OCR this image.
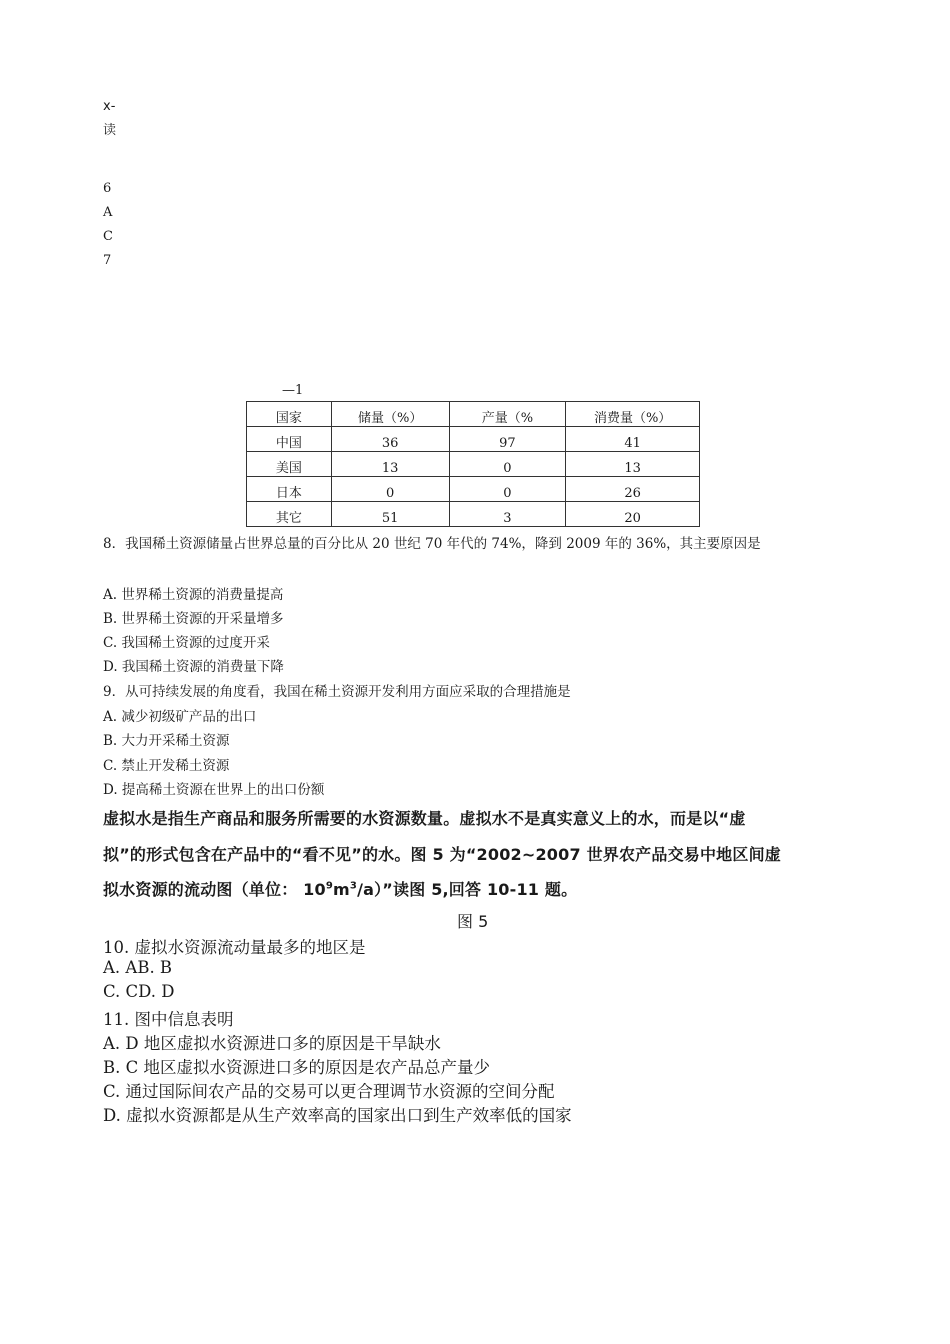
x-
读
6
A
C
7
—1
国家	储量（%）	产量（%	消费量（%）
中国	36	97	41
美国	13	0	13
日本	0	0	26
其它	51	3	20
8．我国稀土资源储量占世界总量的百分比从 20 世纪 70 年代的 74%，降到 2009 年的 36%，其主要原因是
A. 世界稀土资源的消费量提高
B. 世界稀土资源的开采量增多
C. 我国稀土资源的过度开采
D. 我国稀土资源的消费量下降
9．从可持续发展的角度看，我国在稀土资源开发利用方面应采取的合理措施是
A. 减少初级矿产品的出口
B. 大力开采稀土资源
C. 禁止开发稀土资源
D. 提高稀土资源在世界上的出口份额
虚拟水是指生产商品和服务所需要的水资源数量。虚拟水不是真实意义上的水，而是以“虚
拟”的形式包含在产品中的“看不见”的水。图 5 为“2002~2007 世界农产品交易中地区间虚
拟水资源的流动图（单位： $10^9m^3/a$）”读图 5,回答 10-11 题。
图 5
10. 虚拟水资源流动量最多的地区是
A. AB. B
C. CD. D
11. 图中信息表明
A. D 地区虚拟水资源进口多的原因是干旱缺水
B. C 地区虚拟水资源进口多的原因是农产品总产量少
C. 通过国际间农产品的交易可以更合理调节水资源的空间分配
D. 虚拟水资源都是从生产效率高的国家出口到生产效率低的国家
